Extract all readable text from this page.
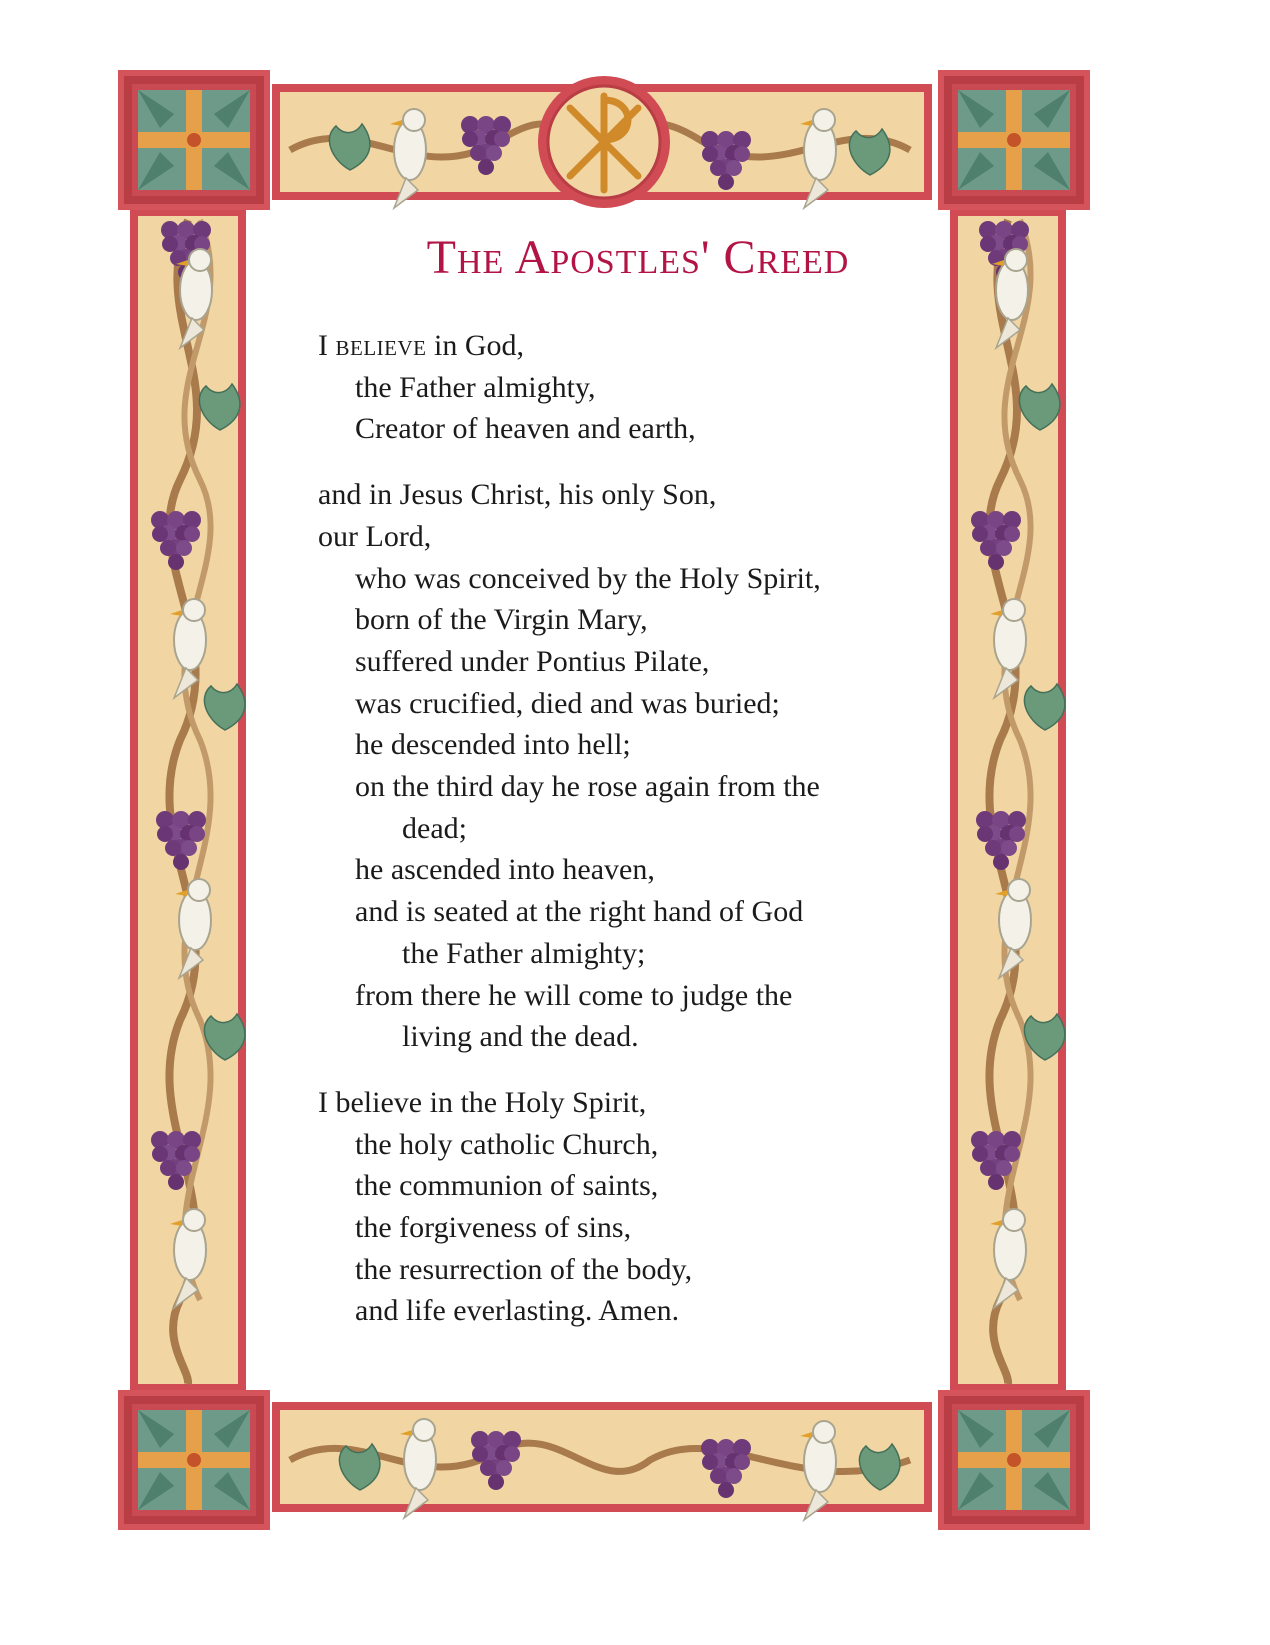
The Apostles' Creed
I believe in God,
the Father almighty,
Creator of heaven and earth,
and in Jesus Christ, his only Son,
our Lord,
who was conceived by the Holy Spirit,
born of the Virgin Mary,
suffered under Pontius Pilate,
was crucified, died and was buried;
he descended into hell;
on the third day he rose again from the
dead;
he ascended into heaven,
and is seated at the right hand of God
the Father almighty;
from there he will come to judge the
living and the dead.
I believe in the Holy Spirit,
the holy catholic Church,
the communion of saints,
the forgiveness of sins,
the resurrection of the body,
and life everlasting. Amen.
